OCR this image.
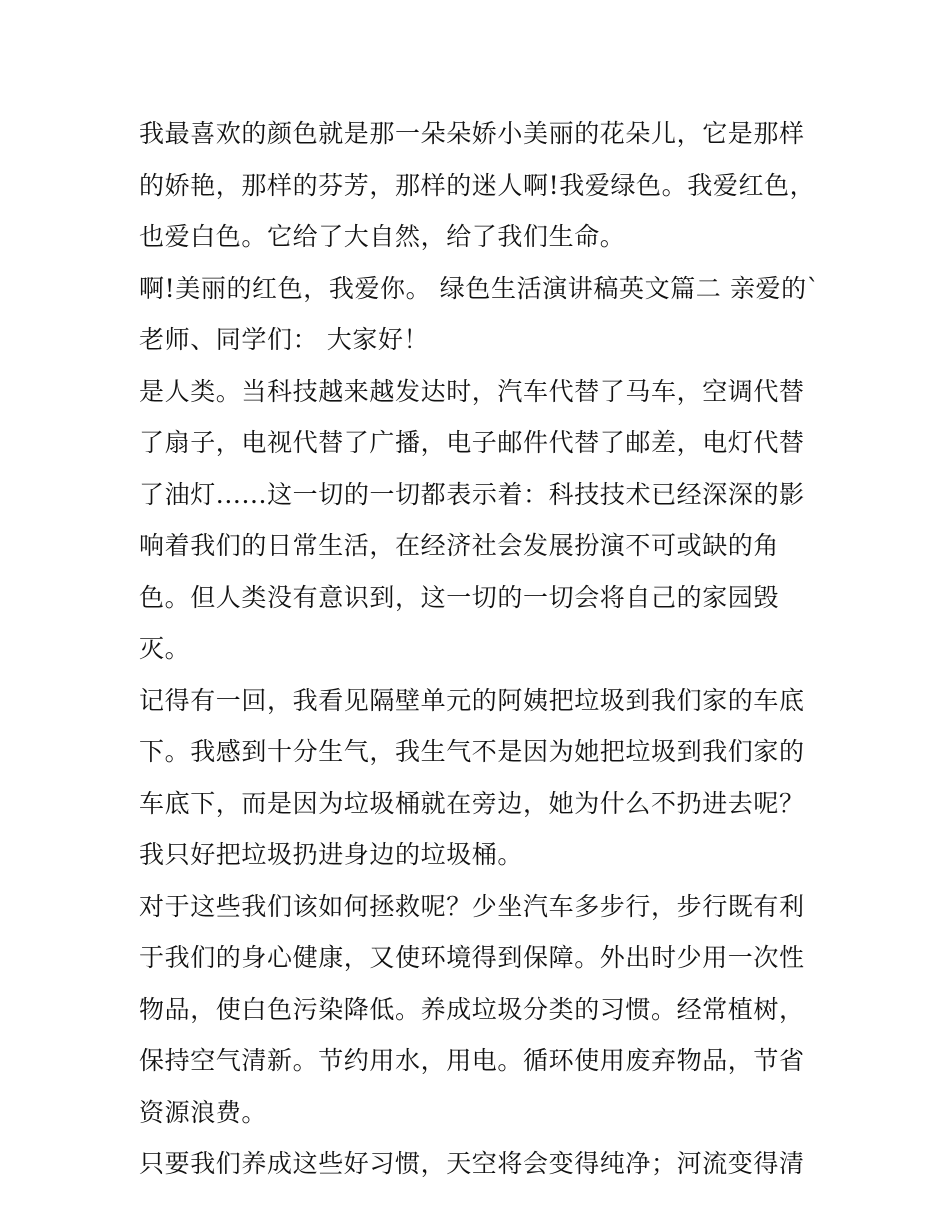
我最喜欢的颜色就是那一朵朵娇小美丽的花朵儿，它是那样的娇艳，那样的芬芳，那样的迷人啊!我爱绿色。我爱红色，也爱白色。它给了大自然，给了我们生命。

啊!美丽的红色，我爱你。 绿色生活演讲稿英文篇二 亲爱的`老师、同学们： 大家好！

是人类。当科技越来越发达时，汽车代替了马车，空调代替了扇子，电视代替了广播，电子邮件代替了邮差，电灯代替了油灯......这一切的一切都表示着：科技技术已经深深的影响着我们的日常生活，在经济社会发展扮演不可或缺的角色。但人类没有意识到，这一切的一切会将自己的家园毁灭。

记得有一回，我看见隔壁单元的阿姨把垃圾到我们家的车底下。我感到十分生气，我生气不是因为她把垃圾到我们家的车底下，而是因为垃圾桶就在旁边，她为什么不扔进去呢？我只好把垃圾扔进身边的垃圾桶。

对于这些我们该如何拯救呢？少坐汽车多步行，步行既有利于我们的身心健康，又使环境得到保障。外出时少用一次性物品，使白色污染降低。养成垃圾分类的习惯。经常植树，保持空气清新。节约用水，用电。循环使用废弃物品，节省资源浪费。

只要我们养成这些好习惯，天空将会变得纯净；河流变得清
